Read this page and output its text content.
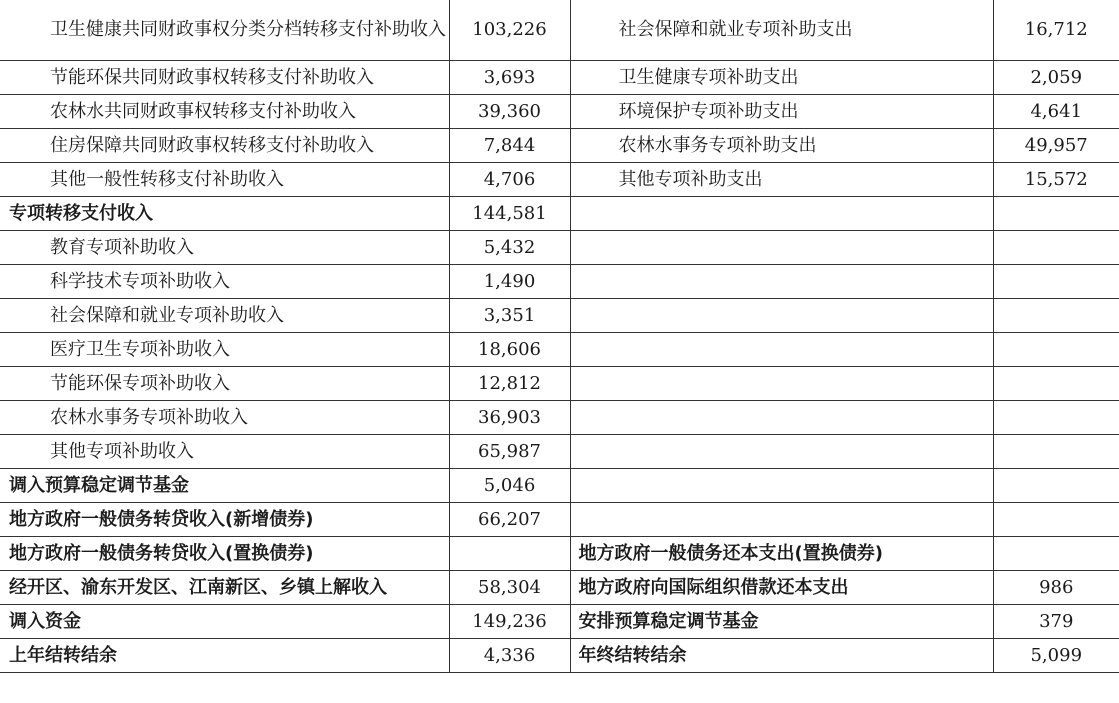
卫生健康共同财政事权分类分档转移支付补助收入	103,226	社会保障和就业专项补助支出	16,712
节能环保共同财政事权转移支付补助收入	3,693	卫生健康专项补助支出	2,059
农林水共同财政事权转移支付补助收入	39,360	环境保护专项补助支出	4,641
住房保障共同财政事权转移支付补助收入	7,844	农林水事务专项补助支出	49,957
其他一般性转移支付补助收入	4,706	其他专项补助支出	15,572
专项转移支付收入	144,581		
教育专项补助收入	5,432		
科学技术专项补助收入	1,490		
社会保障和就业专项补助收入	3,351		
医疗卫生专项补助收入	18,606		
节能环保专项补助收入	12,812		
农林水事务专项补助收入	36,903		
其他专项补助收入	65,987		
调入预算稳定调节基金	5,046		
地方政府一般债务转贷收入(新增债券)	66,207		
地方政府一般债务转贷收入(置换债券)		地方政府一般债务还本支出(置换债券)	
经开区、渝东开发区、江南新区、乡镇上解收入	58,304	地方政府向国际组织借款还本支出	986
调入资金	149,236	安排预算稳定调节基金	379
上年结转结余	4,336	年终结转结余	5,099
